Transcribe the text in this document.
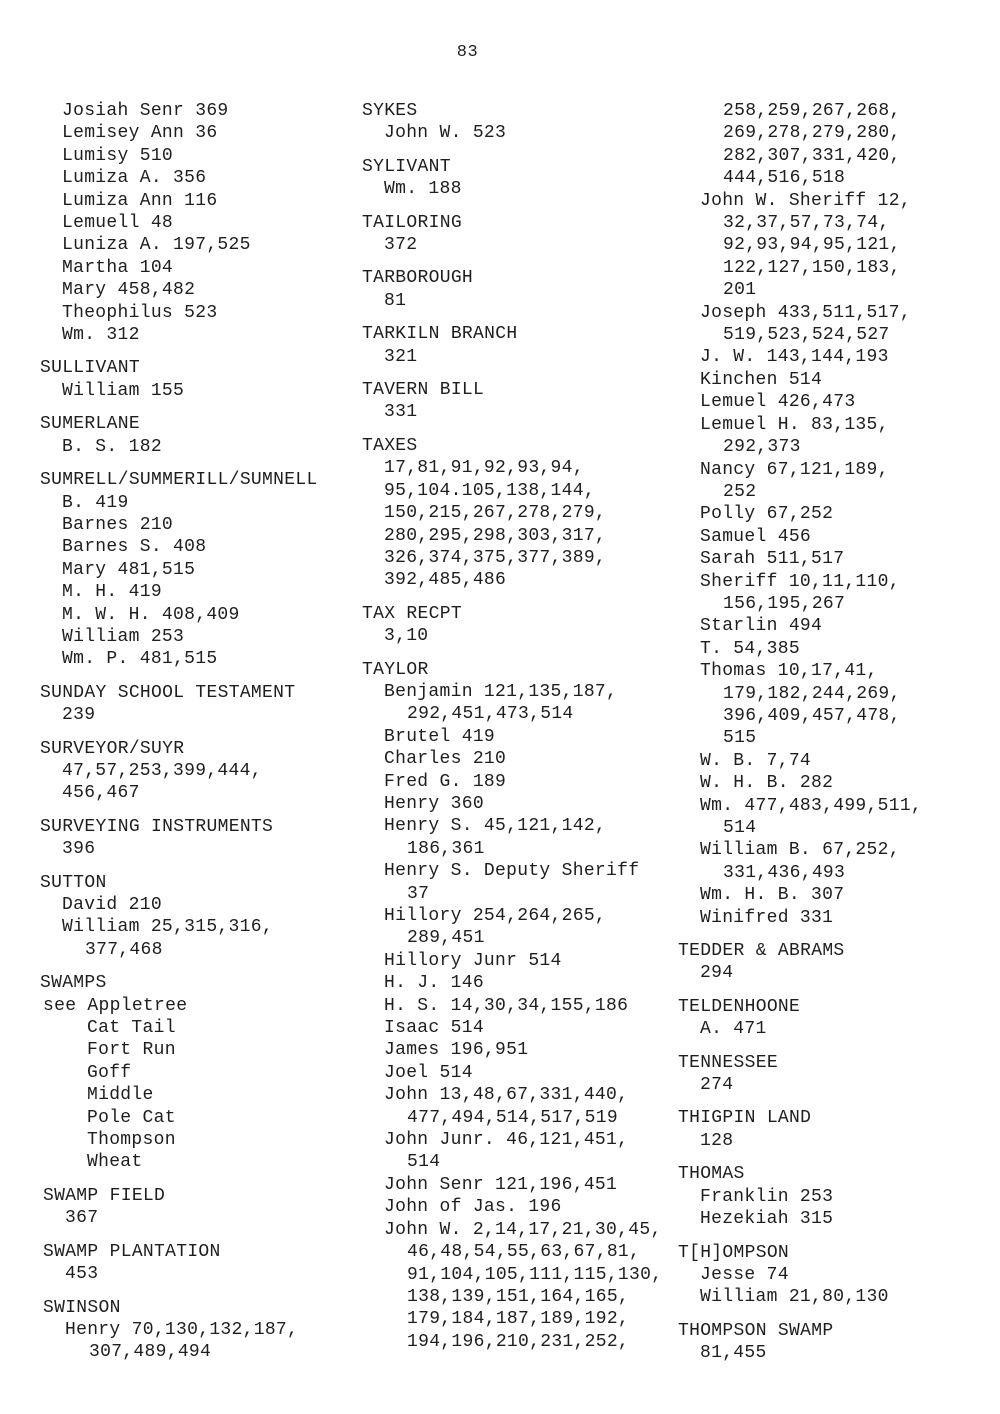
83
Josiah Senr 369
Lemisey Ann 36
Lumisy 510
Lumiza A. 356
Lumiza Ann 116
Lemuell 48
Luniza A. 197,525
Martha 104
Mary 458,482
Theophilus 523
Wm. 312
SULLIVANT
William 155
SUMERLANE
B. S. 182
SUMRELL/SUMMERILL/SUMNELL
B. 419
Barnes 210
Barnes S. 408
Mary 481,515
M. H. 419
M. W. H. 408,409
William 253
Wm. P. 481,515
SUNDAY SCHOOL TESTAMENT
239
SURVEYOR/SUYR
47,57,253,399,444,
456,467
SURVEYING INSTRUMENTS
396
SUTTON
David 210
William 25,315,316,
377,468
SWAMPS
see Appletree
Cat Tail
Fort Run
Goff
Middle
Pole Cat
Thompson
Wheat
SWAMP FIELD
367
SWAMP PLANTATION
453
SWINSON
Henry 70,130,132,187,
307,489,494
SYKES
John W. 523
SYLIVANT
Wm. 188
TAILORING
372
TARBOROUGH
81
TARKILN BRANCH
321
TAVERN BILL
331
TAXES
17,81,91,92,93,94,
95,104.105,138,144,
150,215,267,278,279,
280,295,298,303,317,
326,374,375,377,389,
392,485,486
TAX RECPT
3,10
TAYLOR
Benjamin 121,135,187,
292,451,473,514
Brutel 419
Charles 210
Fred G. 189
Henry 360
Henry S. 45,121,142,
186,361
Henry S. Deputy Sheriff
37
Hillory 254,264,265,
289,451
Hillory Junr 514
H. J. 146
H. S. 14,30,34,155,186
Isaac 514
James 196,951
Joel 514
John 13,48,67,331,440,
477,494,514,517,519
John Junr. 46,121,451,
514
John Senr 121,196,451
John of Jas. 196
John W. 2,14,17,21,30,45,
46,48,54,55,63,67,81,
91,104,105,111,115,130,
138,139,151,164,165,
179,184,187,189,192,
194,196,210,231,252,
258,259,267,268,
269,278,279,280,
282,307,331,420,
444,516,518
John W. Sheriff 12,
32,37,57,73,74,
92,93,94,95,121,
122,127,150,183,
201
Joseph 433,511,517,
519,523,524,527
J. W. 143,144,193
Kinchen 514
Lemuel 426,473
Lemuel H. 83,135,
292,373
Nancy 67,121,189,
252
Polly 67,252
Samuel 456
Sarah 511,517
Sheriff 10,11,110,
156,195,267
Starlin 494
T. 54,385
Thomas 10,17,41,
179,182,244,269,
396,409,457,478,
515
W. B. 7,74
W. H. B. 282
Wm. 477,483,499,511,
514
William B. 67,252,
331,436,493
Wm. H. B. 307
Winifred 331
TEDDER & ABRAMS
294
TELDENHOONE
A. 471
TENNESSEE
274
THIGPIN LAND
128
THOMAS
Franklin 253
Hezekiah 315
T[H]OMPSON
Jesse 74
William 21,80,130
THOMPSON SWAMP
81,455
